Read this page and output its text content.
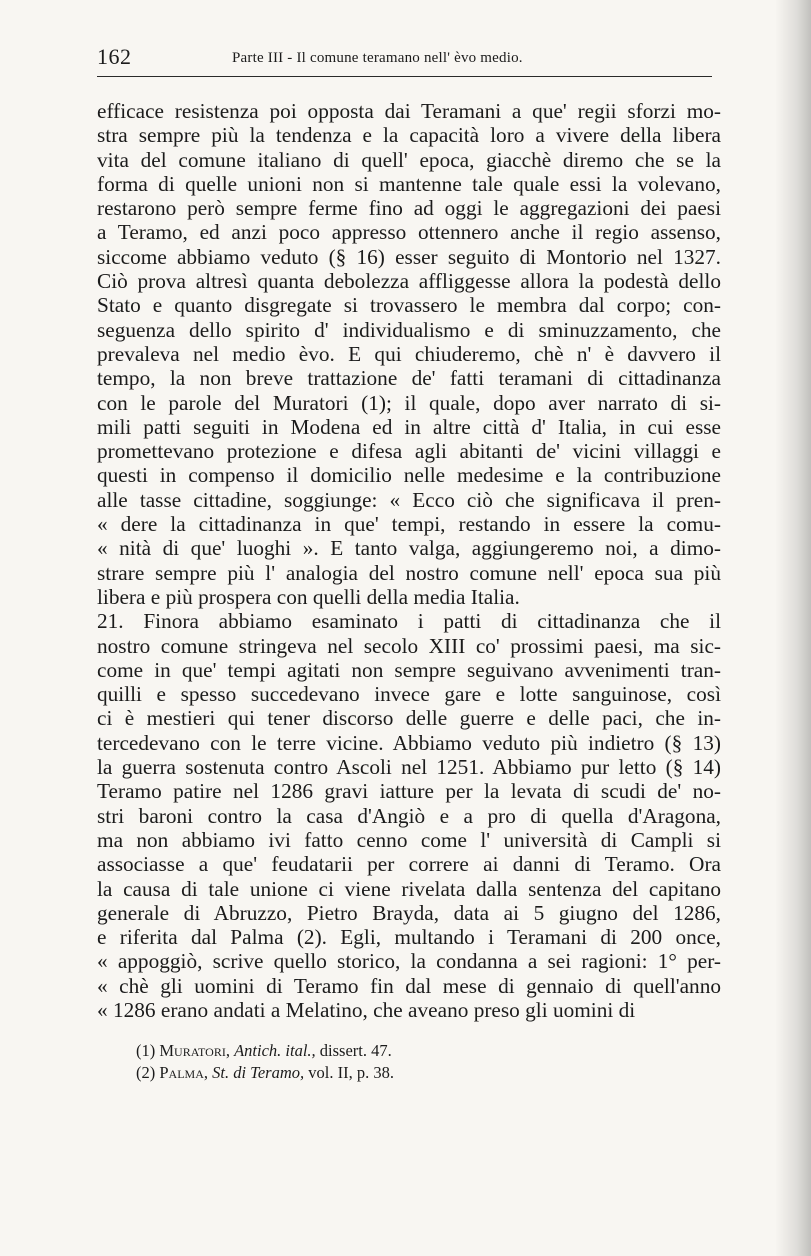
162	Parte III - Il comune teramano nell' èvo medio.
efficace resistenza poi opposta dai Teramani a que' regii sforzi mo-
stra sempre più la tendenza e la capacità loro a vivere della libera
vita del comune italiano di quell' epoca, giacchè diremo che se la
forma di quelle unioni non si mantenne tale quale essi la volevano,
restarono però sempre ferme fino ad oggi le aggregazioni dei paesi
a Teramo, ed anzi poco appresso ottennero anche il regio assenso,
siccome abbiamo veduto (§ 16) esser seguito di Montorio nel 1327.
Ciò prova altresì quanta debolezza affliggesse allora la podestà dello
Stato e quanto disgregate si trovassero le membra dal corpo; con-
seguenza dello spirito d' individualismo e di sminuzzamento, che
prevaleva nel medio èvo. E qui chiuderemo, chè n' è davvero il
tempo, la non breve trattazione de' fatti teramani di cittadinanza
con le parole del Muratori (1); il quale, dopo aver narrato di si-
mili patti seguiti in Modena ed in altre città d' Italia, in cui esse
promettevano protezione e difesa agli abitanti de' vicini villaggi e
questi in compenso il domicilio nelle medesime e la contribuzione
alle tasse cittadine, soggiunge: « Ecco ciò che significava il pren-
« dere la cittadinanza in que' tempi, restando in essere la comu-
« nità di que' luoghi ». E tanto valga, aggiungeremo noi, a dimo-
strare sempre più l' analogia del nostro comune nell' epoca sua più
libera e più prospera con quelli della media Italia.
21. Finora abbiamo esaminato i patti di cittadinanza che il
nostro comune stringeva nel secolo XIII co' prossimi paesi, ma sic-
come in que' tempi agitati non sempre seguivano avvenimenti tran-
quilli e spesso succedevano invece gare e lotte sanguinose, così
ci è mestieri qui tener discorso delle guerre e delle paci, che in-
tercedevano con le terre vicine. Abbiamo veduto più indietro (§ 13)
la guerra sostenuta contro Ascoli nel 1251. Abbiamo pur letto (§ 14)
Teramo patire nel 1286 gravi iatture per la levata di scudi de' no-
stri baroni contro la casa d'Angiò e a pro di quella d'Aragona,
ma non abbiamo ivi fatto cenno come l' università di Campli si
associasse a que' feudatarii per correre ai danni di Teramo. Ora
la causa di tale unione ci viene rivelata dalla sentenza del capitano
generale di Abruzzo, Pietro Brayda, data ai 5 giugno del 1286,
e riferita dal Palma (2). Egli, multando i Teramani di 200 once,
« appoggiò, scrive quello storico, la condanna a sei ragioni: 1° per-
« chè gli uomini di Teramo fin dal mese di gennaio di quell'anno
« 1286 erano andati a Melatino, che aveano preso gli uomini di
(1) Muratori, Antich. ital., dissert. 47.
(2) Palma, St. di Teramo, vol. II, p. 38.
